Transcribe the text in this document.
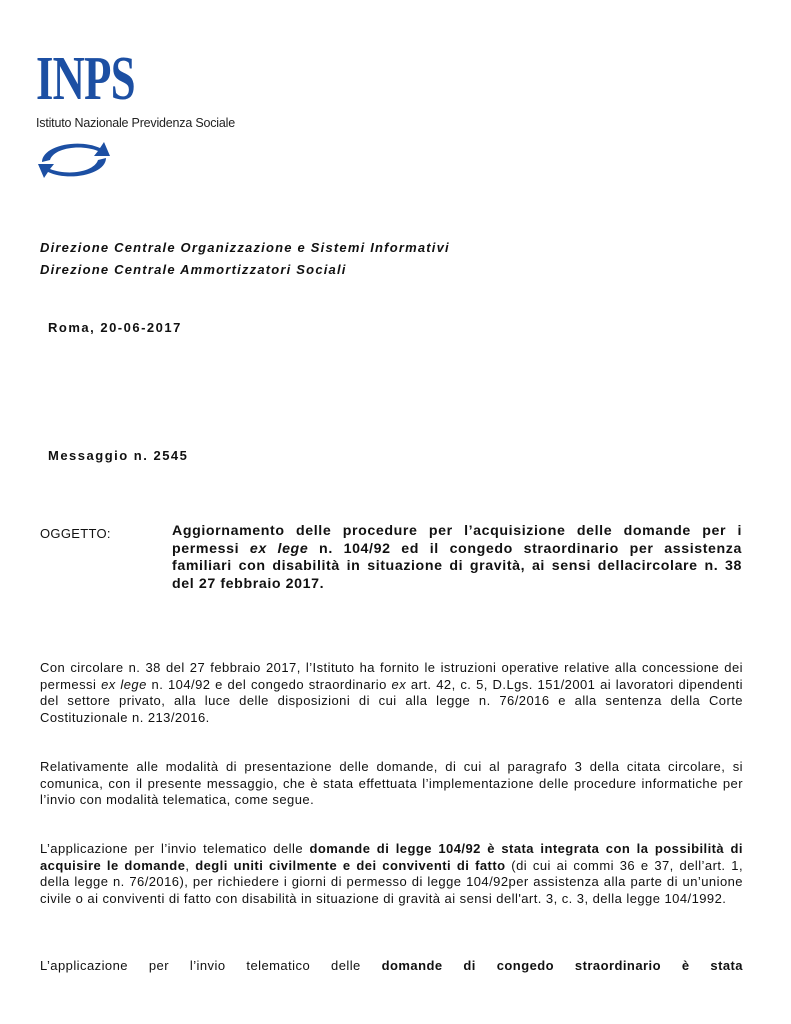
INPS
Istituto Nazionale Previdenza Sociale
Direzione Centrale Organizzazione e Sistemi Informativi
Direzione Centrale Ammortizzatori Sociali
Roma, 20-06-2017
Messaggio n. 2545
OGGETTO:	Aggiornamento delle procedure per l’acquisizione delle domande per i permessi ex lege n. 104/92 ed il congedo straordinario per assistenza familiari con disabilità in situazione di gravità, ai sensi dellacircolare n. 38 del 27 febbraio 2017.
Con circolare n. 38 del 27 febbraio 2017, l’Istituto ha fornito le istruzioni operative relative alla concessione dei permessi ex lege n. 104/92 e del congedo straordinario ex art. 42, c. 5, D.Lgs. 151/2001 ai lavoratori dipendenti del settore privato, alla luce delle disposizioni di cui alla legge n. 76/2016 e alla sentenza della Corte Costituzionale n. 213/2016.
Relativamente alle modalità di presentazione delle domande, di cui al paragrafo 3 della citata circolare, si comunica, con il presente messaggio, che è stata effettuata l’implementazione delle procedure informatiche per l’invio con modalità telematica, come segue.
L’applicazione per l’invio telematico delle domande di legge 104/92 è stata integrata con la possibilità di acquisire le domande, degli uniti civilmente e dei conviventi di fatto (di cui ai commi 36 e 37, dell’art. 1, della legge n. 76/2016), per richiedere i giorni di permesso di legge 104/92per assistenza alla parte di un’unione civile o ai conviventi di fatto con disabilità in situazione di gravità ai sensi dell'art. 3, c. 3, della legge 104/1992.
L’applicazione per l’invio telematico delle domande di congedo straordinario è stata
